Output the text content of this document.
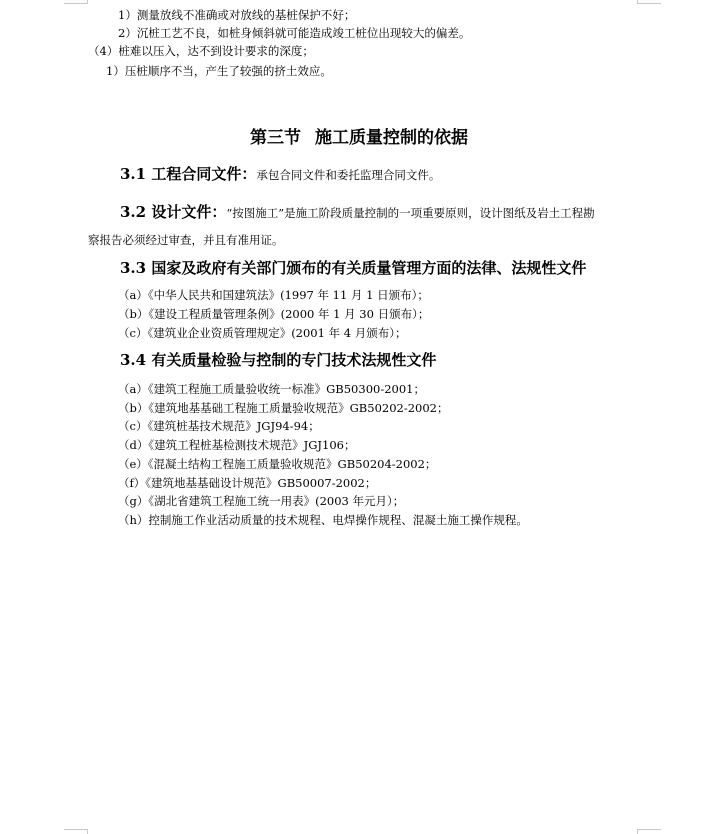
1）测量放线不准确或对放线的基桩保护不好；
2）沉桩工艺不良，如桩身倾斜就可能造成竣工桩位出现较大的偏差。
（4）桩难以压入，达不到设计要求的深度；
1）压桩顺序不当，产生了较强的挤土效应。
第三节 施工质量控制的依据
3.1 工程合同文件：承包合同文件和委托监理合同文件。
3.2 设计文件：“按图施工”是施工阶段质量控制的一项重要原则，设计图纸及岩土工程勘
察报告必须经过审查，并且有准用证。
3.3 国家及政府有关部门颁布的有关质量管理方面的法律、法规性文件
（a）《中华人民共和国建筑法》(1997 年 11 月 1 日颁布）；
（b）《建设工程质量管理条例》(2000 年 1 月 30 日颁布）；
（c）《建筑业企业资质管理规定》(2001 年 4 月颁布）；
3.4 有关质量检验与控制的专门技术法规性文件
（a）《建筑工程施工质量验收统一标准》GB50300-2001；
（b）《建筑地基基础工程施工质量验收规范》GB50202-2002；
（c）《建筑桩基技术规范》JGJ94-94；
（d）《建筑工程桩基检测技术规范》JGJ106；
（e）《混凝土结构工程施工质量验收规范》GB50204-2002；
（f）《建筑地基基础设计规范》GB50007-2002；
（g）《湖北省建筑工程施工统一用表》(2003 年元月）；
（h）控制施工作业活动质量的技术规程、电焊操作规程、混凝土施工操作规程。
